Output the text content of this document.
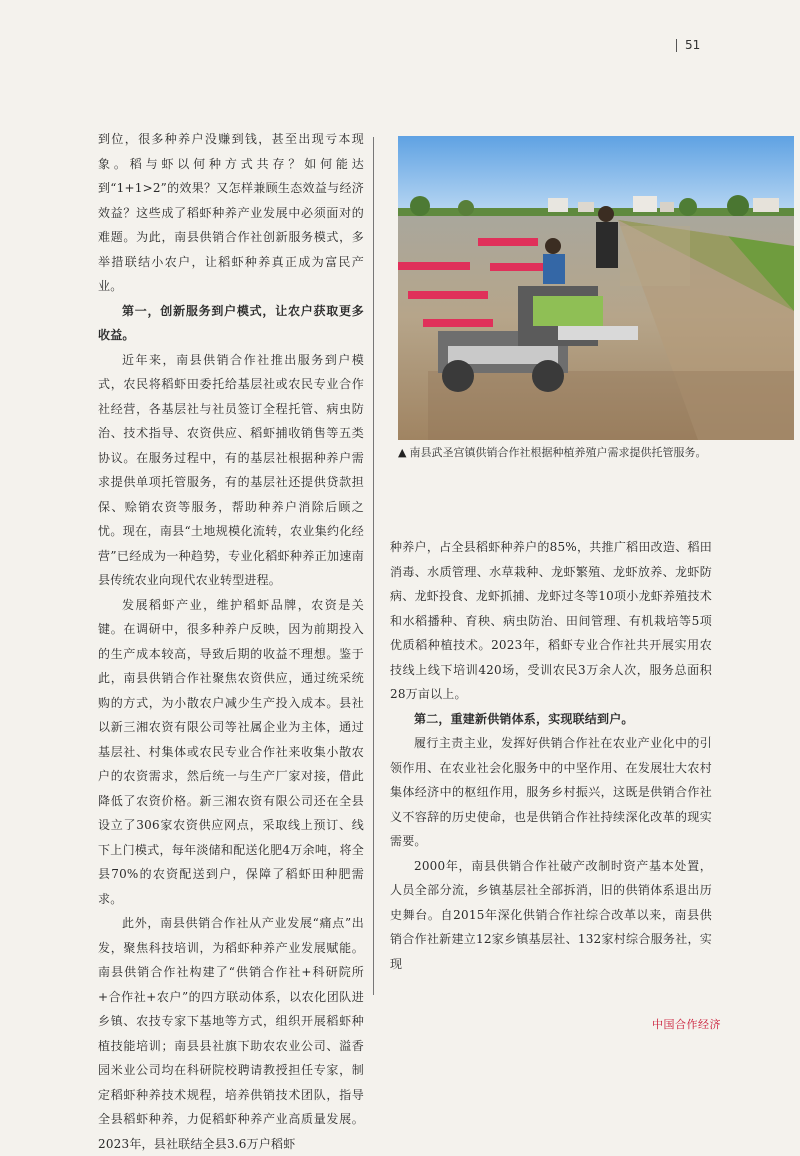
51

到位，很多种养户没赚到钱，甚至出现亏本现象。稻与虾以何种方式共存？如何能达到“1+1>2”的效果？又怎样兼顾生态效益与经济效益？这些成了稻虾种养产业发展中必须面对的难题。为此，南县供销合作社创新服务模式，多举措联结小农户，让稻虾种养真正成为富民产业。

第一，创新服务到户模式，让农户获取更多收益。

近年来，南县供销合作社推出服务到户模式，农民将稻虾田委托给基层社或农民专业合作社经营，各基层社与社员签订全程托管、病虫防治、技术指导、农资供应、稻虾捕收销售等五类协议。在服务过程中，有的基层社根据种养户需求提供单项托管服务，有的基层社还提供贷款担保、赊销农资等服务，帮助种养户消除后顾之忧。现在，南县“土地规模化流转，农业集约化经营”已经成为一种趋势，专业化稻虾种养正加速南县传统农业向现代农业转型进程。

发展稻虾产业，维护稻虾品牌，农资是关键。在调研中，很多种养户反映，因为前期投入的生产成本较高，导致后期的收益不理想。鉴于此，南县供销合作社聚焦农资供应，通过统采统购的方式，为小散农户减少生产投入成本。县社以新三湘农资有限公司等社属企业为主体，通过基层社、村集体或农民专业合作社来收集小散农户的农资需求，然后统一与生产厂家对接，借此降低了农资价格。新三湘农资有限公司还在全县设立了306家农资供应网点，采取线上预订、线下上门模式，每年淡储和配送化肥4万余吨，将全县70%的农资配送到户，保障了稻虾田种肥需求。

此外，南县供销合作社从产业发展“痛点”出发，聚焦科技培训，为稻虾种养产业发展赋能。南县供销合作社构建了“供销合作社+科研院所+合作社+农户”的四方联动体系，以农化团队进乡镇、农技专家下基地等方式，组织开展稻虾种植技能培训；南县县社旗下助农农业公司、溢香园米业公司均在科研院校聘请教授担任专家，制定稻虾种养技术规程，培养供销技术团队，指导全县稻虾种养，力促稻虾种养产业高质量发展。2023年，县社联结全县3.6万户稻虾

▲ 南县武圣宫镇供销合作社根据种植养殖户需求提供托管服务。

种养户，占全县稻虾种养户的85%，共推广稻田改造、稻田消毒、水质管理、水草栽种、龙虾繁殖、龙虾放养、龙虾防病、龙虾投食、龙虾抓捕、龙虾过冬等10项小龙虾养殖技术和水稻播种、育秧、病虫防治、田间管理、有机栽培等5项优质稻种植技术。2023年，稻虾专业合作社共开展实用农技线上线下培训420场，受训农民3万余人次，服务总面积28万亩以上。

第二，重建新供销体系，实现联结到户。

履行主责主业，发挥好供销合作社在农业产业化中的引领作用、在农业社会化服务中的中坚作用、在发展壮大农村集体经济中的枢纽作用，服务乡村振兴，这既是供销合作社义不容辞的历史使命，也是供销合作社持续深化改革的现实需要。

2000年，南县供销合作社破产改制时资产基本处置，人员全部分流，乡镇基层社全部拆消，旧的供销体系退出历史舞台。自2015年深化供销合作社综合改革以来，南县供销合作社新建立12家乡镇基层社、132家村综合服务社，实现

中国合作经济
